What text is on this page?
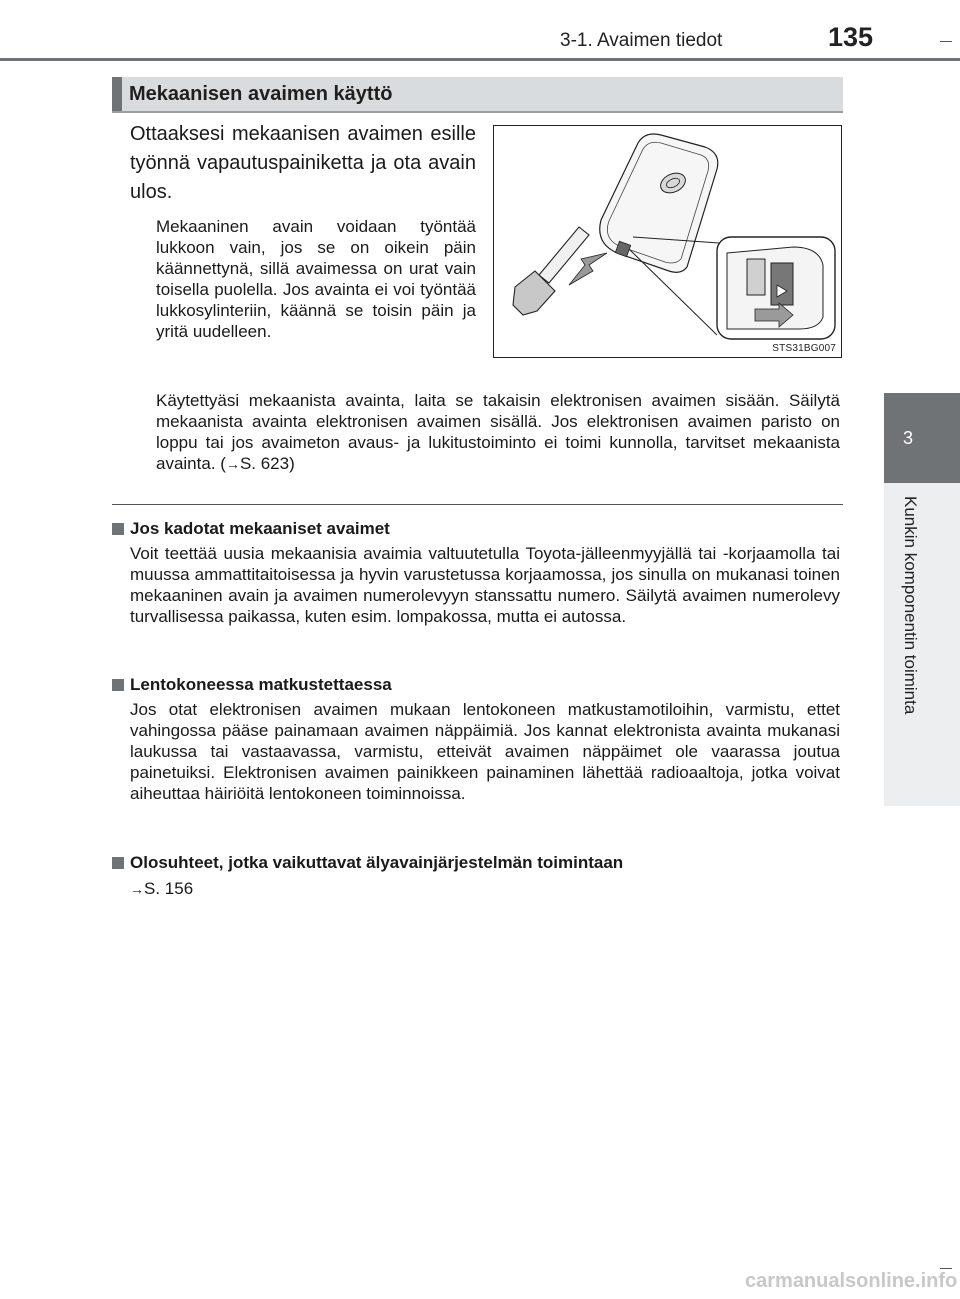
3-1. Avaimen tiedot	135
3
Kunkin komponentin toiminta
Mekaanisen avaimen käyttö

Ottaaksesi mekaanisen avaimen esille työnnä vapautuspainiketta ja ota avain ulos.

Mekaaninen avain voidaan työntää lukkoon vain, jos se on oikein päin käännettynä, sillä avaimessa on urat vain toisella puolella. Jos avainta ei voi työntää lukkosylinteriin, käännä se toisin päin ja yritä uudelleen.

STS31BG007

Käytettyäsi mekaanista avainta, laita se takaisin elektronisen avaimen sisään. Säilytä mekaanista avainta elektronisen avaimen sisällä. Jos elektronisen avaimen paristo on loppu tai jos avaimeton avaus- ja lukitustoiminto ei toimi kunnolla, tarvitset mekaanista avainta. (→S. 623)

Jos kadotat mekaaniset avaimet

Voit teettää uusia mekaanisia avaimia valtuutetulla Toyota-jälleenmyyjällä tai -korjaamolla tai muussa ammattitaitoisessa ja hyvin varustetussa korjaamossa, jos sinulla on mukanasi toinen mekaaninen avain ja avaimen numerolevyyn stanssattu numero. Säilytä avaimen numerolevy turvallisessa paikassa, kuten esim. lompakossa, mutta ei autossa.

Lentokoneessa matkustettaessa

Jos otat elektronisen avaimen mukaan lentokoneen matkustamotiloihin, varmistu, ettet vahingossa pääse painamaan avaimen näppäimiä. Jos kannat elektronista avainta mukanasi laukussa tai vastaavassa, varmistu, etteivät avaimen näppäimet ole vaarassa joutua painetuiksi. Elektronisen avaimen painikkeen painaminen lähettää radioaaltoja, jotka voivat aiheuttaa häiriöitä lentokoneen toiminnoissa.

Olosuhteet, jotka vaikuttavat älyavainjärjestelmän toimintaan

→S. 156

carmanualsonline.info
